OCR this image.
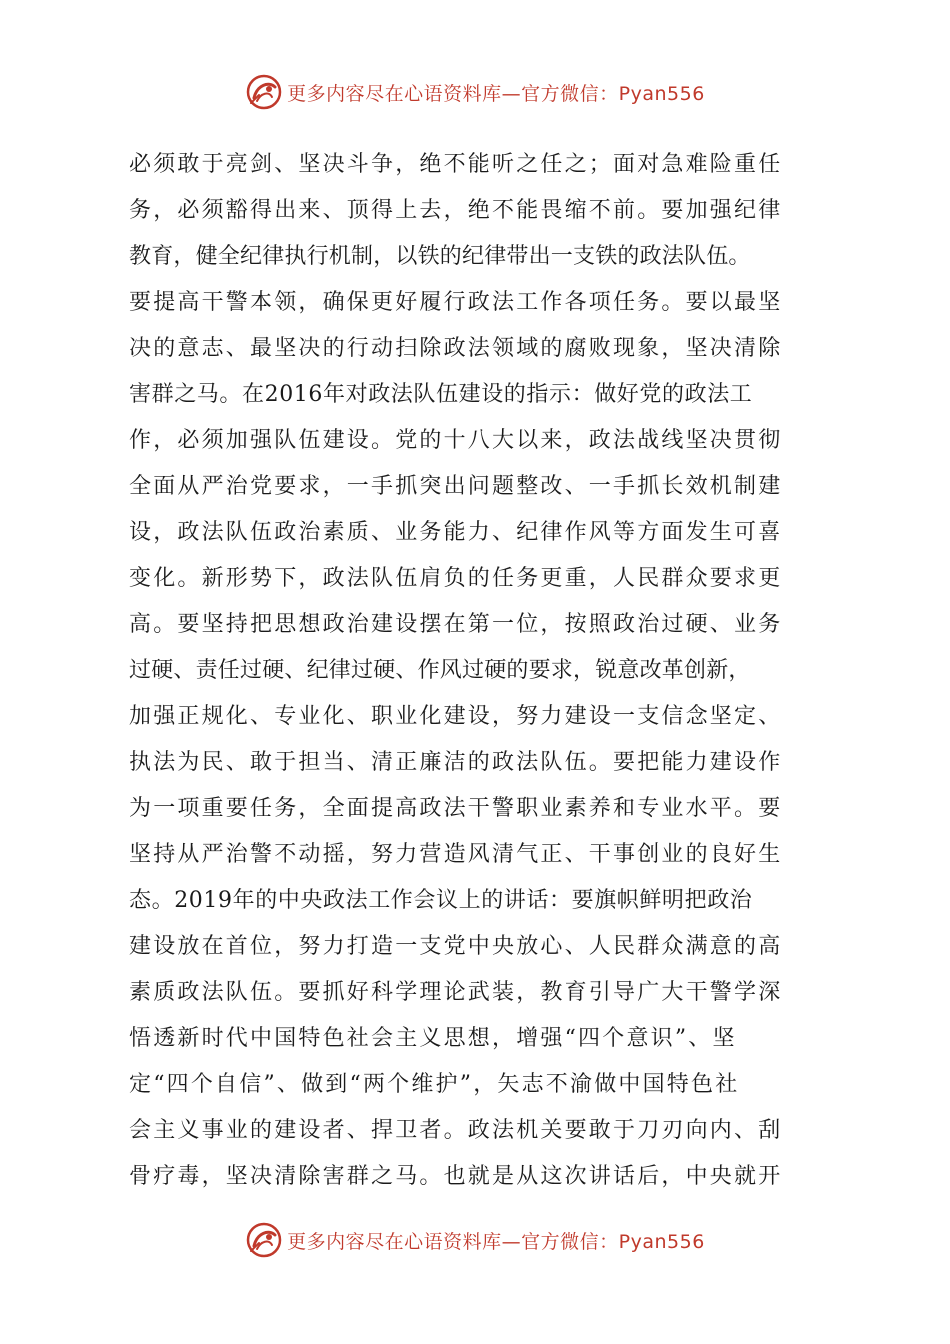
更多内容尽在心语资料库—官方微信：Pyan556
必须敢于亮剑、坚决斗争，绝不能听之任之；面对急难险重任
务，必须豁得出来、顶得上去，绝不能畏缩不前。要加强纪律
教育，健全纪律执行机制，以铁的纪律带出一支铁的政法队伍。
要提高干警本领，确保更好履行政法工作各项任务。要以最坚
决的意志、最坚决的行动扫除政法领域的腐败现象，坚决清除
害群之马。在2016年对政法队伍建设的指示：做好党的政法工
作，必须加强队伍建设。党的十八大以来，政法战线坚决贯彻
全面从严治党要求，一手抓突出问题整改、一手抓长效机制建
设，政法队伍政治素质、业务能力、纪律作风等方面发生可喜
变化。新形势下，政法队伍肩负的任务更重，人民群众要求更
高。要坚持把思想政治建设摆在第一位，按照政治过硬、业务
过硬、责任过硬、纪律过硬、作风过硬的要求，锐意改革创新，
加强正规化、专业化、职业化建设，努力建设一支信念坚定、
执法为民、敢于担当、清正廉洁的政法队伍。要把能力建设作
为一项重要任务，全面提高政法干警职业素养和专业水平。要
坚持从严治警不动摇，努力营造风清气正、干事创业的良好生
态。2019年的中央政法工作会议上的讲话：要旗帜鲜明把政治
建设放在首位，努力打造一支党中央放心、人民群众满意的高
素质政法队伍。要抓好科学理论武装，教育引导广大干警学深
悟透新时代中国特色社会主义思想，增强“四个意识”、坚
定“四个自信”、做到“两个维护”，矢志不渝做中国特色社
会主义事业的建设者、捍卫者。政法机关要敢于刀刃向内、刮
骨疗毒，坚决清除害群之马。也就是从这次讲话后，中央就开
更多内容尽在心语资料库—官方微信：Pyan556
